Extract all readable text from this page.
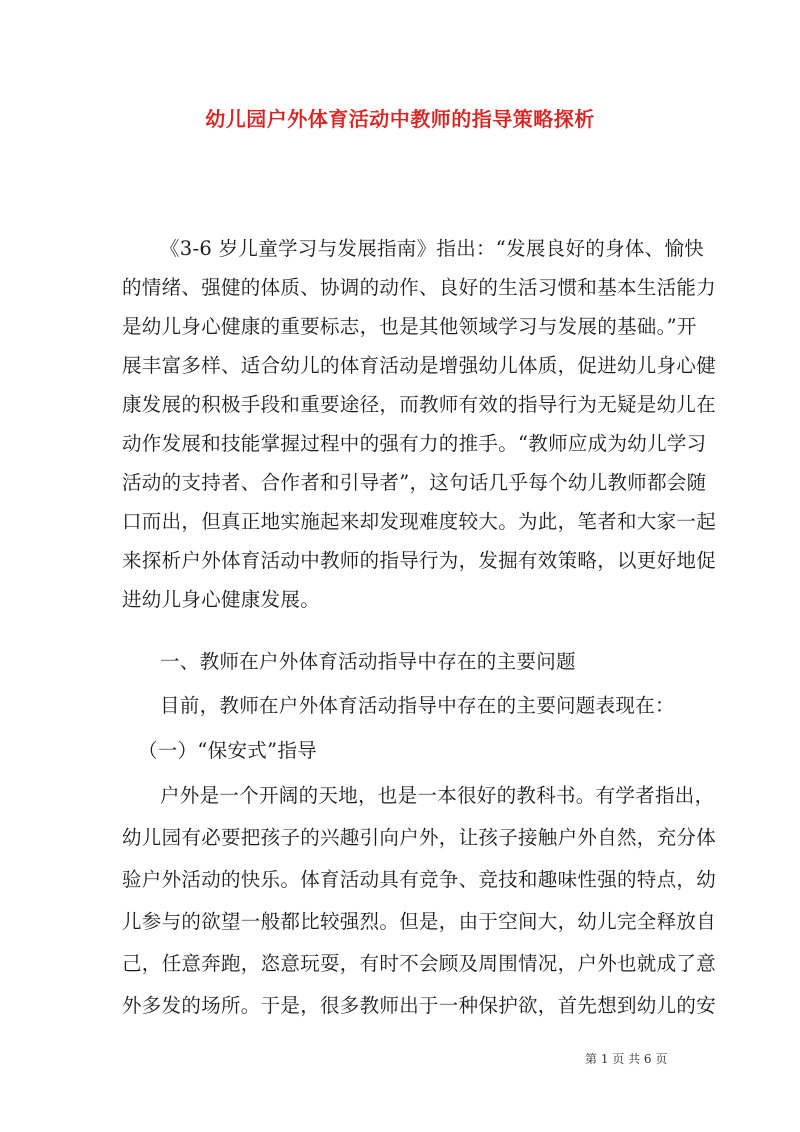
幼儿园户外体育活动中教师的指导策略探析
《3-6 岁儿童学习与发展指南》指出：“发展良好的身体、愉快
的情绪、强健的体质、协调的动作、良好的生活习惯和基本生活能力
是幼儿身心健康的重要标志，也是其他领域学习与发展的基础。”开
展丰富多样、适合幼儿的体育活动是增强幼儿体质，促进幼儿身心健
康发展的积极手段和重要途径，而教师有效的指导行为无疑是幼儿在
动作发展和技能掌握过程中的强有力的推手。“教师应成为幼儿学习
活动的支持者、合作者和引导者”，这句话几乎每个幼儿教师都会随
口而出，但真正地实施起来却发现难度较大。为此，笔者和大家一起
来探析户外体育活动中教师的指导行为，发掘有效策略，以更好地促
进幼儿身心健康发展。
一、教师在户外体育活动指导中存在的主要问题
目前，教师在户外体育活动指导中存在的主要问题表现在：
（一）“保安式”指导
户外是一个开阔的天地，也是一本很好的教科书。有学者指出，
幼儿园有必要把孩子的兴趣引向户外，让孩子接触户外自然，充分体
验户外活动的快乐。体育活动具有竞争、竞技和趣味性强的特点，幼
儿参与的欲望一般都比较强烈。但是，由于空间大，幼儿完全释放自
己，任意奔跑，恣意玩耍，有时不会顾及周围情况，户外也就成了意
外多发的场所。于是，很多教师出于一种保护欲，首先想到幼儿的安
第 1 页 共 6 页
